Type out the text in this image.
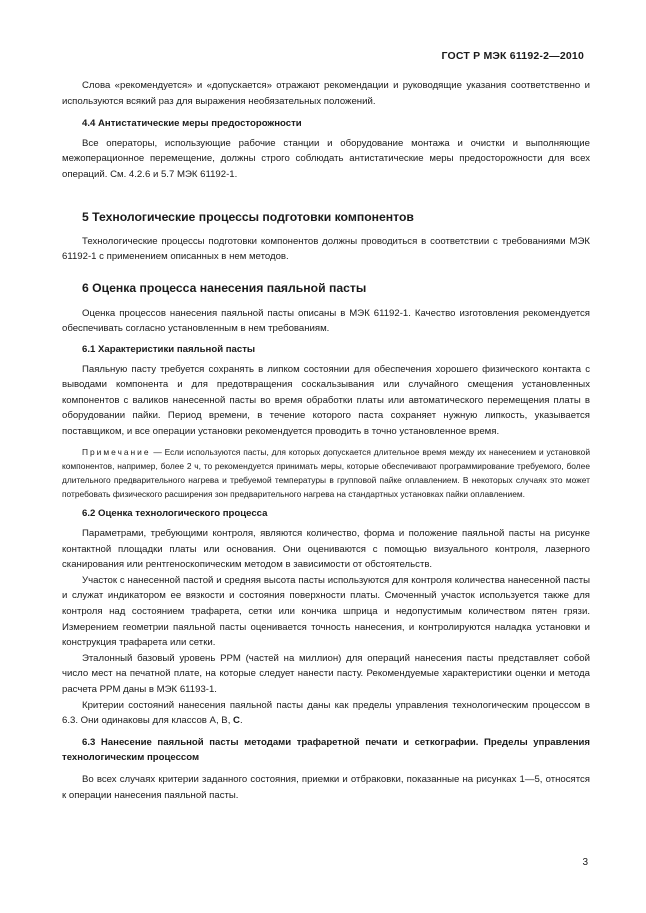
ГОСТ Р МЭК 61192-2—2010

Слова «рекомендуется» и «допускается» отражают рекомендации и руководящие указания соответственно и используются всякий раз для выражения необязательных положений.

4.4 Антистатические меры предосторожности

Все операторы, использующие рабочие станции и оборудование монтажа и очистки и выполняющие межоперационное перемещение, должны строго соблюдать антистатические меры предосторожности для всех операций. См. 4.2.6 и 5.7 МЭК 61192-1.

5 Технологические процессы подготовки компонентов

Технологические процессы подготовки компонентов должны проводиться в соответствии с требованиями МЭК 61192-1 с применением описанных в нем методов.

6 Оценка процесса нанесения паяльной пасты

Оценка процессов нанесения паяльной пасты описаны в МЭК 61192-1. Качество изготовления рекомендуется обеспечивать согласно установленным в нем требованиям.

6.1 Характеристики паяльной пасты

Паяльную пасту требуется сохранять в липком состоянии для обеспечения хорошего физического контакта с выводами компонента и для предотвращения соскальзывания или случайного смещения установленных компонентов с валиков нанесенной пасты во время обработки платы или автоматического перемещения платы в оборудовании пайки. Период времени, в течение которого паста сохраняет нужную липкость, указывается поставщиком, и все операции установки рекомендуется проводить в точно установленное время.

Примечание — Если используются пасты, для которых допускается длительное время между их нанесением и установкой компонентов, например, более 2 ч, то рекомендуется принимать меры, которые обеспечивают программирование требуемого, более длительного предварительного нагрева и требуемой температуры в групповой пайке оплавлением. В некоторых случаях это может потребовать физического расширения зон предварительного нагрева на стандартных установках пайки оплавлением.

6.2 Оценка технологического процесса

Параметрами, требующими контроля, являются количество, форма и положение паяльной пасты на рисунке контактной площадки платы или основания. Они оцениваются с помощью визуального контроля, лазерного сканирования или рентгеноскопическим методом в зависимости от обстоятельств.

Участок с нанесенной пастой и средняя высота пасты используются для контроля количества нанесенной пасты и служат индикатором ее вязкости и состояния поверхности платы. Смоченный участок используется также для контроля над состоянием трафарета, сетки или кончика шприца и недопустимым количеством пятен грязи. Измерением геометрии паяльной пасты оценивается точность нанесения, и контролируются наладка установки и конструкция трафарета или сетки.

Эталонный базовый уровень PPM (частей на миллион) для операций нанесения пасты представляет собой число мест на печатной плате, на которые следует нанести пасту. Рекомендуемые характеристики оценки и метода расчета PPM даны в МЭК 61193-1.

Критерии состояний нанесения паяльной пасты даны как пределы управления технологическим процессом в 6.3. Они одинаковы для классов А, В, С.

6.3 Нанесение паяльной пасты методами трафаретной печати и сеткографии. Пределы управления технологическим процессом

Во всех случаях критерии заданного состояния, приемки и отбраковки, показанные на рисунках 1—5, относятся к операции нанесения паяльной пасты.

3
